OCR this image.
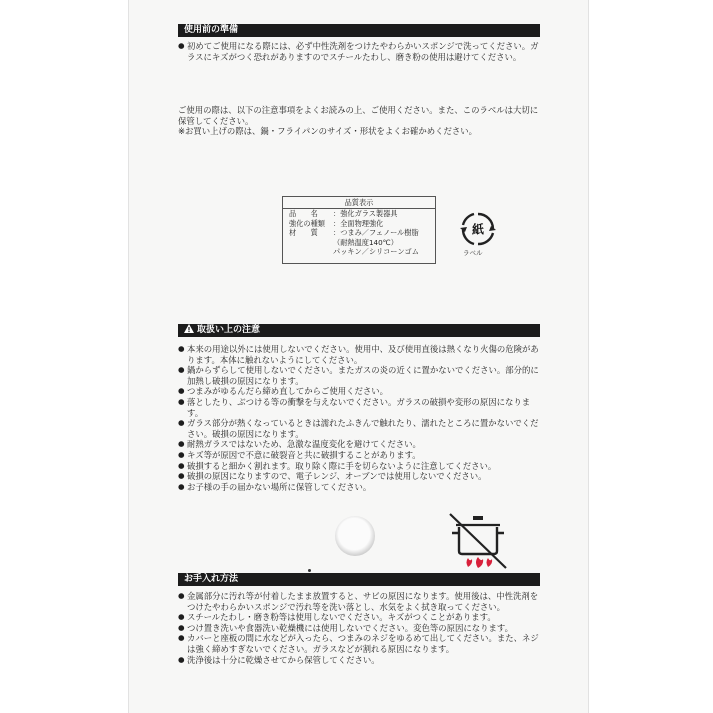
使用前の準備

● 初めてご使用になる際には、必ず中性洗剤をつけたやわらかいスポンジで洗ってください。ガラスにキズがつく恐れがありますのでスチールたわし、磨き粉の使用は避けてください。

ご使用の際は、以下の注意事項をよくお読みの上、ご使用ください。また、このラベルは大切に保管してください。

※お買い上げの際は、鍋・フライパンのサイズ・形状をよくお確かめください。

品質表示
品　　名 ：強化ガラス製器具
強化の種類 ：全面物理強化
材　　質 ：つまみ／フェノール樹脂
（耐熱温度140℃）
パッキン／シリコーンゴム
紙
ラベル
取扱い上の注意

● 本来の用途以外には使用しないでください。使用中、及び使用直後は熱くなり火傷の危険があります。本体に触れないようにしてください。

● 鍋からずらして使用しないでください。またガスの炎の近くに置かないでください。部分的に加熱し破損の原因になります。

● つまみがゆるんだら締め直してからご使用ください。

● 落としたり、ぶつける等の衝撃を与えないでください。ガラスの破損や変形の原因になります。

● ガラス部分が熱くなっているときは濡れたふきんで触れたり、濡れたところに置かないでください。破損の原因になります。

● 耐熱ガラスではないため、急激な温度変化を避けてください。

● キズ等が原因で不意に破裂音と共に破損することがあります。

● 破損すると細かく割れます。取り除く際に手を切らないように注意してください。

● 破損の原因になりますので、電子レンジ、オーブンでは使用しないでください。

● お子様の手の届かない場所に保管してください。

お手入れ方法

● 金属部分に汚れ等が付着したまま放置すると、サビの原因になります。使用後は、中性洗剤をつけたやわらかいスポンジで汚れ等を洗い落とし、水気をよく拭き取ってください。

● スチールたわし・磨き粉等は使用しないでください。キズがつくことがあります。

● つけ置き洗いや食器洗い乾燥機には使用しないでください。変色等の原因になります。

● カバーと座板の間に水などが入ったら、つまみのネジをゆるめて出してください。また、ネジは強く締めすぎないでください。ガラスなどが割れる原因になります。

● 洗浄後は十分に乾燥させてから保管してください。
